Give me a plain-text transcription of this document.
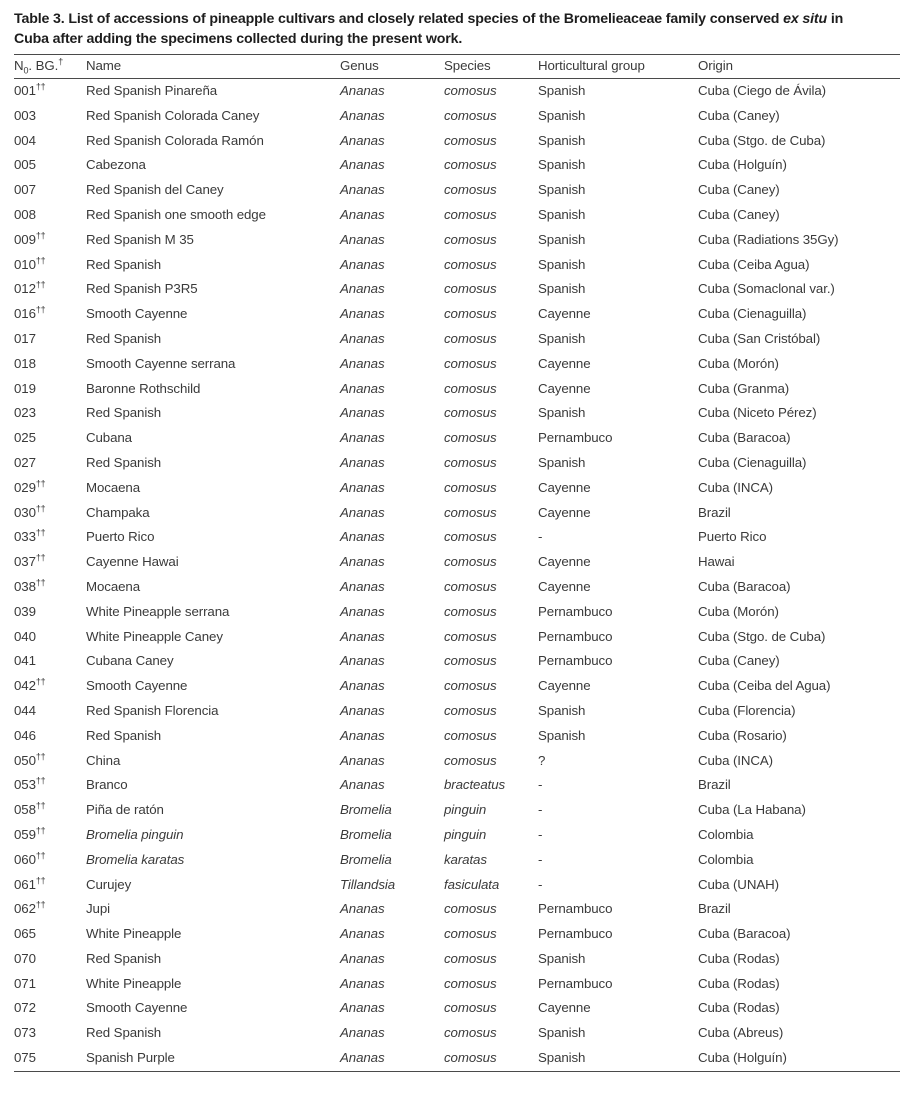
Table 3. List of accessions of pineapple cultivars and closely related species of the Bromelieaceae family conserved ex situ in Cuba after adding the specimens collected during the present work.
$N_0$. BG.†	Name	Genus	Species	Horticultural group	Origin
001††	Red Spanish Pinareña	Ananas	comosus	Spanish	Cuba (Ciego de Ávila)
003	Red Spanish Colorada Caney	Ananas	comosus	Spanish	Cuba (Caney)
004	Red Spanish Colorada Ramón	Ananas	comosus	Spanish	Cuba (Stgo. de Cuba)
005	Cabezona	Ananas	comosus	Spanish	Cuba (Holguín)
007	Red Spanish del Caney	Ananas	comosus	Spanish	Cuba (Caney)
008	Red Spanish one smooth edge	Ananas	comosus	Spanish	Cuba (Caney)
009††	Red Spanish M 35	Ananas	comosus	Spanish	Cuba (Radiations 35Gy)
010††	Red Spanish	Ananas	comosus	Spanish	Cuba (Ceiba Agua)
012††	Red Spanish P3R5	Ananas	comosus	Spanish	Cuba (Somaclonal var.)
016††	Smooth Cayenne	Ananas	comosus	Cayenne	Cuba (Cienaguilla)
017	Red Spanish	Ananas	comosus	Spanish	Cuba (San Cristóbal)
018	Smooth Cayenne serrana	Ananas	comosus	Cayenne	Cuba (Morón)
019	Baronne Rothschild	Ananas	comosus	Cayenne	Cuba (Granma)
023	Red Spanish	Ananas	comosus	Spanish	Cuba (Niceto Pérez)
025	Cubana	Ananas	comosus	Pernambuco	Cuba (Baracoa)
027	Red Spanish	Ananas	comosus	Spanish	Cuba (Cienaguilla)
029††	Mocaena	Ananas	comosus	Cayenne	Cuba (INCA)
030††	Champaka	Ananas	comosus	Cayenne	Brazil
033††	Puerto Rico	Ananas	comosus	-	Puerto Rico
037††	Cayenne Hawai	Ananas	comosus	Cayenne	Hawai
038††	Mocaena	Ananas	comosus	Cayenne	Cuba (Baracoa)
039	White Pineapple serrana	Ananas	comosus	Pernambuco	Cuba (Morón)
040	White Pineapple Caney	Ananas	comosus	Pernambuco	Cuba (Stgo. de Cuba)
041	Cubana Caney	Ananas	comosus	Pernambuco	Cuba (Caney)
042††	Smooth Cayenne	Ananas	comosus	Cayenne	Cuba (Ceiba del Agua)
044	Red Spanish Florencia	Ananas	comosus	Spanish	Cuba (Florencia)
046	Red Spanish	Ananas	comosus	Spanish	Cuba (Rosario)
050††	China	Ananas	comosus	?	Cuba (INCA)
053††	Branco	Ananas	bracteatus	-	Brazil
058††	Piña de ratón	Bromelia	pinguin	-	Cuba (La Habana)
059††	Bromelia pinguin	Bromelia	pinguin	-	Colombia
060††	Bromelia karatas	Bromelia	karatas	-	Colombia
061††	Curujey	Tillandsia	fasiculata	-	Cuba (UNAH)
062††	Jupi	Ananas	comosus	Pernambuco	Brazil
065	White Pineapple	Ananas	comosus	Pernambuco	Cuba (Baracoa)
070	Red Spanish	Ananas	comosus	Spanish	Cuba (Rodas)
071	White Pineapple	Ananas	comosus	Pernambuco	Cuba (Rodas)
072	Smooth Cayenne	Ananas	comosus	Cayenne	Cuba (Rodas)
073	Red Spanish	Ananas	comosus	Spanish	Cuba (Abreus)
075	Spanish Purple	Ananas	comosus	Spanish	Cuba (Holguín)
